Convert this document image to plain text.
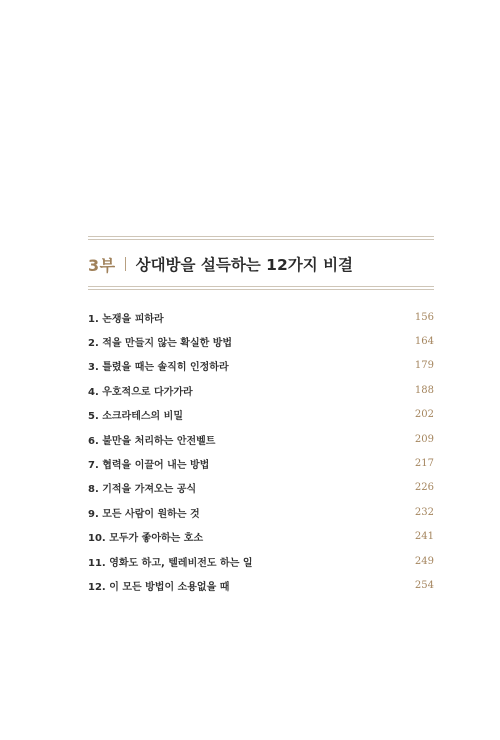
3부 상대방을 설득하는 12가지 비결
1. 논쟁을 피하라	156
2. 적을 만들지 않는 확실한 방법	164
3. 틀렸을 때는 솔직히 인정하라	179
4. 우호적으로 다가가라	188
5. 소크라테스의 비밀	202
6. 불만을 처리하는 안전벨트	209
7. 협력을 이끌어 내는 방법	217
8. 기적을 가져오는 공식	226
9. 모든 사람이 원하는 것	232
10. 모두가 좋아하는 호소	241
11. 영화도 하고, 텔레비전도 하는 일	249
12. 이 모든 방법이 소용없을 때	254
